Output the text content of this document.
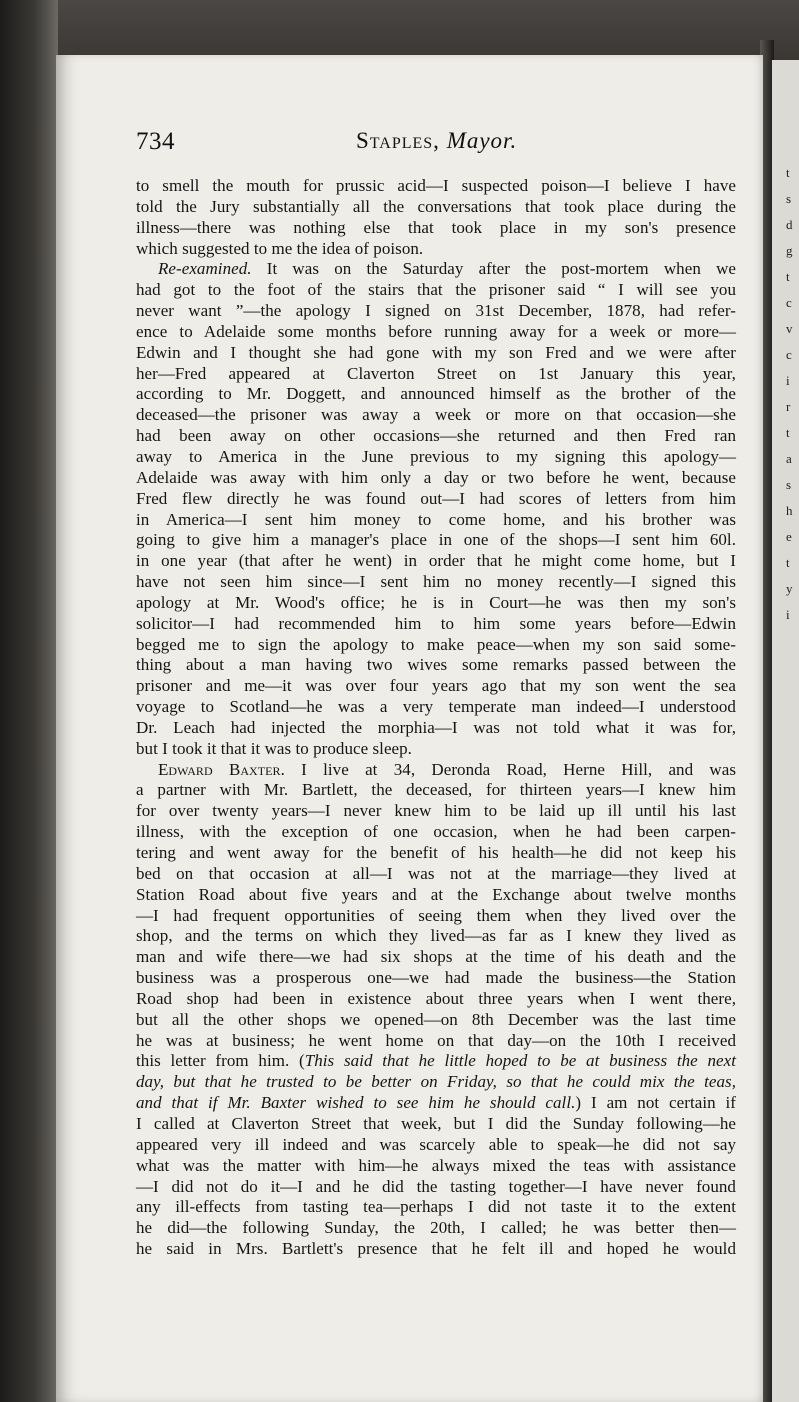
t
s
d
g
t
c
v
c
i
r
t
a
s
h
e
t
y
i
734	Staples, Mayor.
to smell the mouth for prussic acid—I suspected poison—I believe I have
told the Jury substantially all the conversations that took place during the
illness—there was nothing else that took place in my son's presence
which suggested to me the idea of poison.
Re-examined. It was on the Saturday after the post-mortem when we
had got to the foot of the stairs that the prisoner said “ I will see you
never want ”—the apology I signed on 31st December, 1878, had refer-
ence to Adelaide some months before running away for a week or more—
Edwin and I thought she had gone with my son Fred and we were after
her—Fred appeared at Claverton Street on 1st January this year,
according to Mr. Doggett, and announced himself as the brother of the
deceased—the prisoner was away a week or more on that occasion—she
had been away on other occasions—she returned and then Fred ran
away to America in the June previous to my signing this apology—
Adelaide was away with him only a day or two before he went, because
Fred flew directly he was found out—I had scores of letters from him
in America—I sent him money to come home, and his brother was
going to give him a manager's place in one of the shops—I sent him 60l.
in one year (that after he went) in order that he might come home, but I
have not seen him since—I sent him no money recently—I signed this
apology at Mr. Wood's office; he is in Court—he was then my son's
solicitor—I had recommended him to him some years before—Edwin
begged me to sign the apology to make peace—when my son said some-
thing about a man having two wives some remarks passed between the
prisoner and me—it was over four years ago that my son went the sea
voyage to Scotland—he was a very temperate man indeed—I understood
Dr. Leach had injected the morphia—I was not told what it was for,
but I took it that it was to produce sleep.
Edward Baxter. I live at 34, Deronda Road, Herne Hill, and was
a partner with Mr. Bartlett, the deceased, for thirteen years—I knew him
for over twenty years—I never knew him to be laid up ill until his last
illness, with the exception of one occasion, when he had been carpen-
tering and went away for the benefit of his health—he did not keep his
bed on that occasion at all—I was not at the marriage—they lived at
Station Road about five years and at the Exchange about twelve months
—I had frequent opportunities of seeing them when they lived over the
shop, and the terms on which they lived—as far as I knew they lived as
man and wife there—we had six shops at the time of his death and the
business was a prosperous one—we had made the business—the Station
Road shop had been in existence about three years when I went there,
but all the other shops we opened—on 8th December was the last time
he was at business; he went home on that day—on the 10th I received
this letter from him. (This said that he little hoped to be at business the next
day, but that he trusted to be better on Friday, so that he could mix the teas,
and that if Mr. Baxter wished to see him he should call.) I am not certain if
I called at Claverton Street that week, but I did the Sunday following—he
appeared very ill indeed and was scarcely able to speak—he did not say
what was the matter with him—he always mixed the teas with assistance
—I did not do it—I and he did the tasting together—I have never found
any ill-effects from tasting tea—perhaps I did not taste it to the extent
he did—the following Sunday, the 20th, I called; he was better then—
he said in Mrs. Bartlett's presence that he felt ill and hoped he would
